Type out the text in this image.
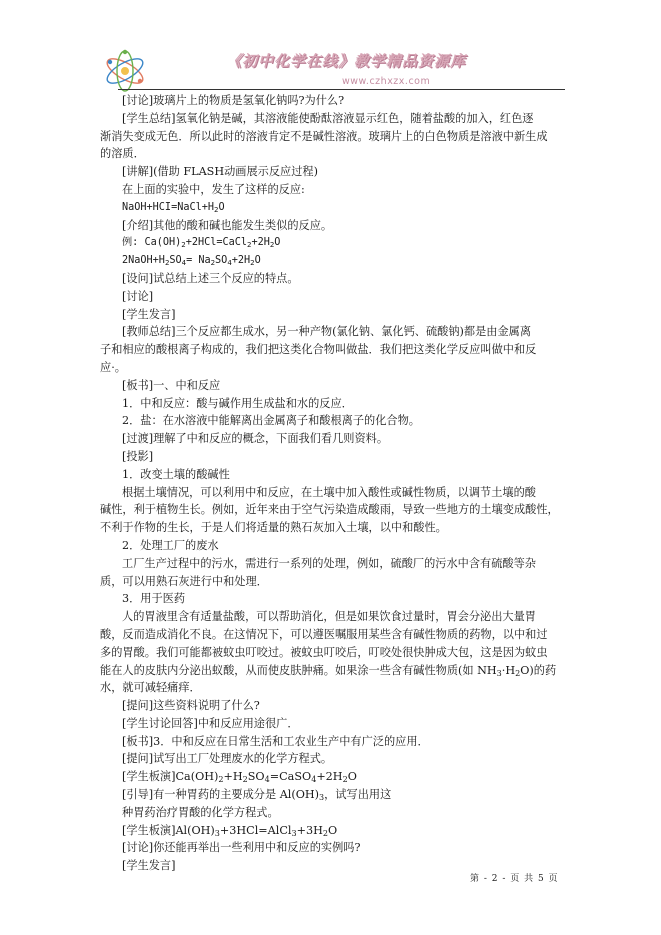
《初中化学在线》教学精品资源库
www.czhxzx.com
[讨论]玻璃片上的物质是氢氧化钠吗?为什么?
[学生总结]氢氧化钠是碱，其溶液能使酚酞溶液显示红色，随着盐酸的加入，红色逐
渐消失变成无色．所以此时的溶液肯定不是碱性溶液。玻璃片上的白色物质是溶液中新生成
的溶质．
[讲解](借助 FLASH动画展示反应过程)
在上面的实验中，发生了这样的反应:
$NaOH+HCI=NaCl+H_2O$
[介绍]其他的酸和碱也能发生类似的反应。
例: $Ca(OH)_2+2HCl=CaCl_2+2H_2O$
$2NaOH+H_2SO_4= Na_2SO_4+2H_2O$
[设问]试总结上述三个反应的特点。
[讨论]
[学生发言]
[教师总结]三个反应都生成水，另一种产物(氯化钠、氯化钙、硫酸钠)都是由金属离
子和相应的酸根离子构成的，我们把这类化合物叫做盐．我们把这类化学反应叫做中和反
应·。
[板书]一、中和反应
1．中和反应：酸与碱作用生成盐和水的反应．
2．盐：在水溶液中能解离出金属离子和酸根离子的化合物。
[过渡]理解了中和反应的概念，下面我们看几则资料。
[投影]
1．改变土壤的酸碱性
根据土壤情况，可以利用中和反应，在土壤中加入酸性或碱性物质，以调节土壤的酸
碱性，利于植物生长。例如，近年来由于空气污染造成酸雨，导致一些地方的土壤变成酸性，
不利于作物的生长，于是人们将适量的熟石灰加入土壤，以中和酸性。
2．处理工厂的废水
工厂生产过程中的污水，需进行一系列的处理，例如，硫酸厂的污水中含有硫酸等杂
质，可以用熟石灰进行中和处理．
3．用于医药
人的胃液里含有适量盐酸，可以帮助消化，但是如果饮食过量时，胃会分泌出大量胃
酸，反而造成消化不良。在这情况下，可以遵医嘱服用某些含有碱性物质的药物，以中和过
多的胃酸。我们可能都被蚊虫叮咬过。被蚊虫叮咬后，叮咬处很快肿成大包，这是因为蚊虫
能在人的皮肤内分泌出蚁酸，从而使皮肤肿痛。如果涂一些含有碱性物质(如 $NH_3\cdot H_2O$)的药
水，就可减轻痛痒．
[提问]这些资料说明了什么?
[学生讨论回答]中和反应用途很广．
[板书]3．中和反应在日常生活和工农业生产中有广泛的应用．
[提问]试写出工厂处理废水的化学方程式。
[学生板演]$Ca(OH)_2+H_2SO_4=CaSO_4+2H_2O$
[引导]有一种胃药的主要成分是 $Al(OH)_3$，试写出用这
种胃药治疗胃酸的化学方程式。
[学生板演]$Al(OH)_3+3HCl=AlCl_3+3H_2O$
[讨论]你还能再举出一些利用中和反应的实例吗?
[学生发言]
第 - 2 - 页 共 5 页
